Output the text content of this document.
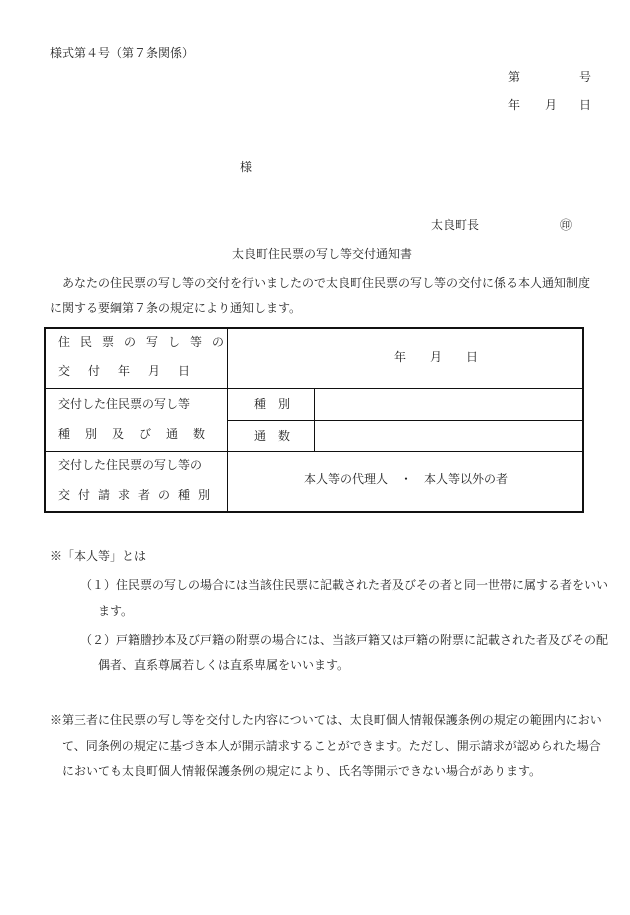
様式第４号（第７条関係）
第	号
年 月 日
様
太良町長	㊞
太良町住民票の写し等交付通知書
あなたの住民票の写し等の交付を行いましたので太良町住民票の写し等の交付に係る本人通知制度
に関する要綱第７条の規定により通知します。
住民票の写し等の
交付年月日
年 月 日
交付した住民票の写し等
種別及び通数
種　別
通　数
交付した住民票の写し等の
交付請求者の種別
本人等の代理人　・　本人等以外の者
※「本人等」とは
（１）住民票の写しの場合には当該住民票に記載された者及びその者と同一世帯に属する者をいい
ます。
（２）戸籍謄抄本及び戸籍の附票の場合には、当該戸籍又は戸籍の附票に記載された者及びその配
偶者、直系尊属若しくは直系卑属をいいます。
※第三者に住民票の写し等を交付した内容については、太良町個人情報保護条例の規定の範囲内におい
て、同条例の規定に基づき本人が開示請求することができます。ただし、開示請求が認められた場合
においても太良町個人情報保護条例の規定により、氏名等開示できない場合があります。
